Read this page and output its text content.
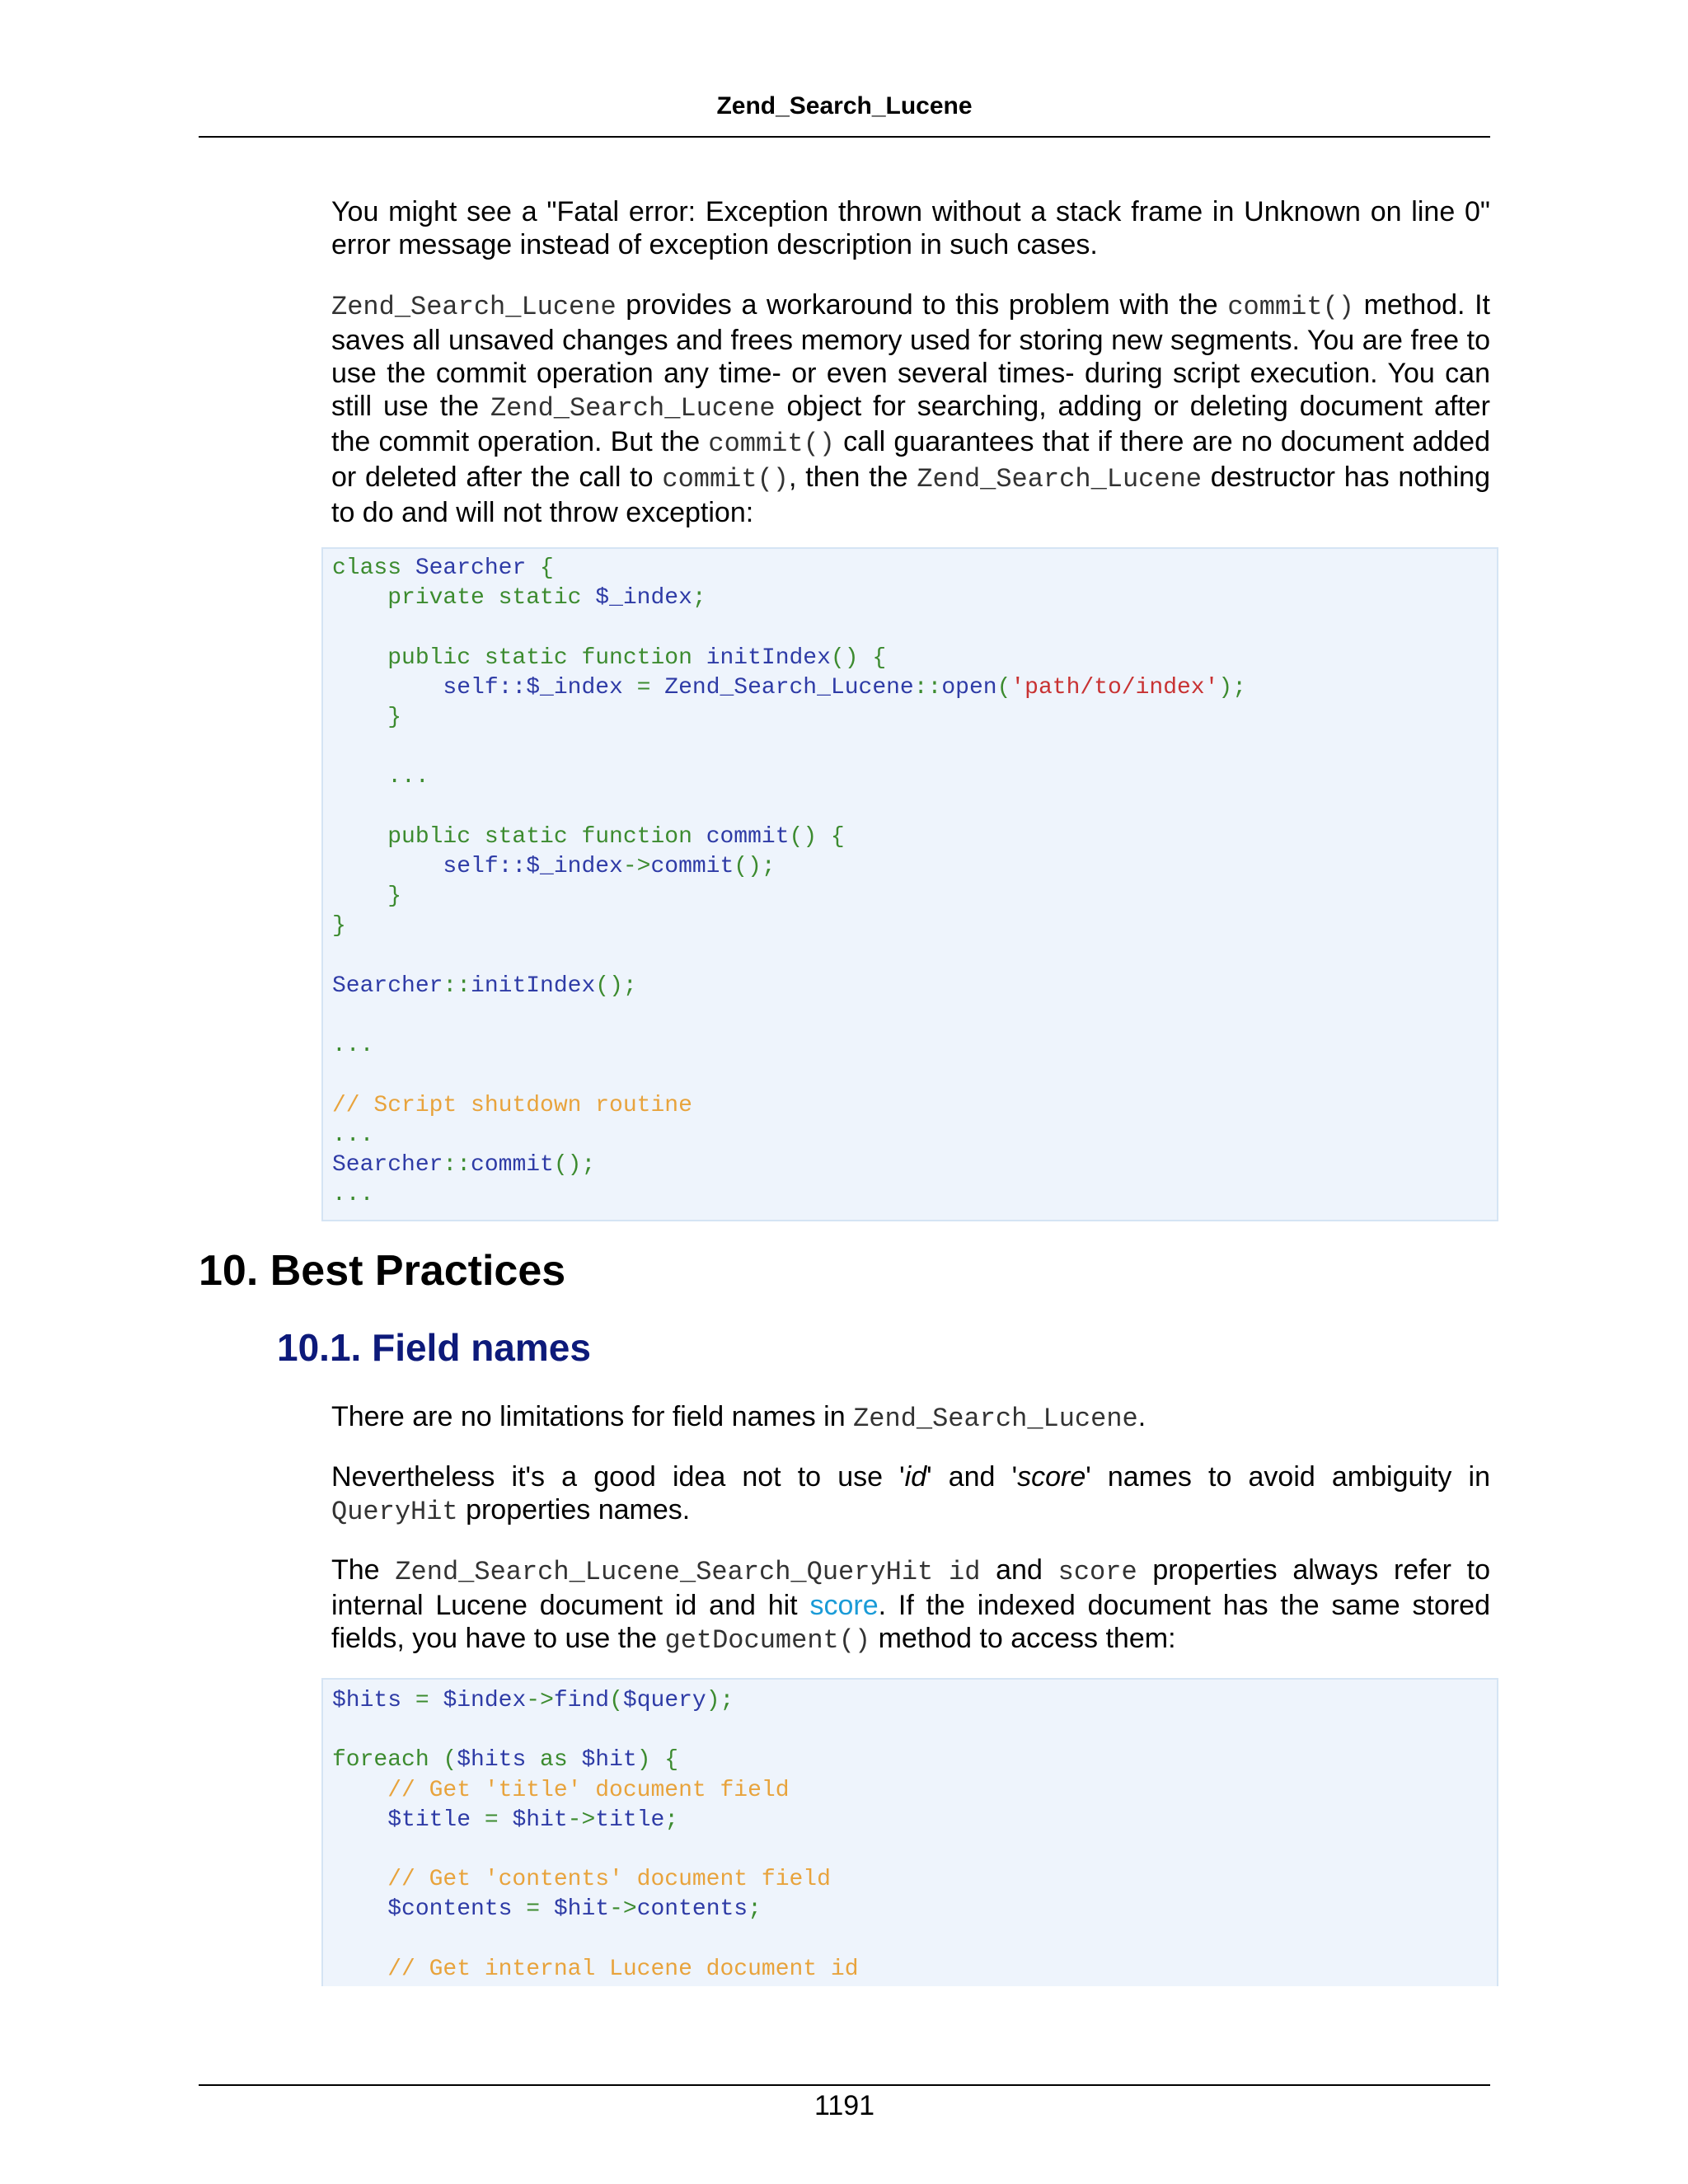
Zend_Search_Lucene

You might see a "Fatal error: Exception thrown without a stack frame in Unknown on line 0" error message instead of exception description in such cases.

Zend_Search_Lucene provides a workaround to this problem with the commit() method. It saves all unsaved changes and frees memory used for storing new segments. You are free to use the commit operation any time- or even several times- during script execution. You can still use the Zend_Search_Lucene object for searching, adding or deleting document after the commit operation. But the commit() call guarantees that if there are no document added or deleted after the call to commit(), then the Zend_Search_Lucene destructor has nothing to do and will not throw exception:

class Searcher {
private static $_index;

public static function initIndex() {
self::$_index = Zend_Search_Lucene::open('path/to/index');
}

...

public static function commit() {
self::$_index->commit();
}
}

Searcher::initIndex();

...

// Script shutdown routine
...
Searcher::commit();
...
10. Best Practices
10.1. Field names

There are no limitations for field names in Zend_Search_Lucene.

Nevertheless it's a good idea not to use 'id' and 'score' names to avoid ambiguity in QueryHit properties names.

The Zend_Search_Lucene_Search_QueryHit id and score properties always refer to internal Lucene document id and hit score. If the indexed document has the same stored fields, you have to use the getDocument() method to access them:

$hits = $index->find($query);

foreach ($hits as $hit) {
// Get 'title' document field
$title = $hit->title;

// Get 'contents' document field
$contents = $hit->contents;

// Get internal Lucene document id
1191
